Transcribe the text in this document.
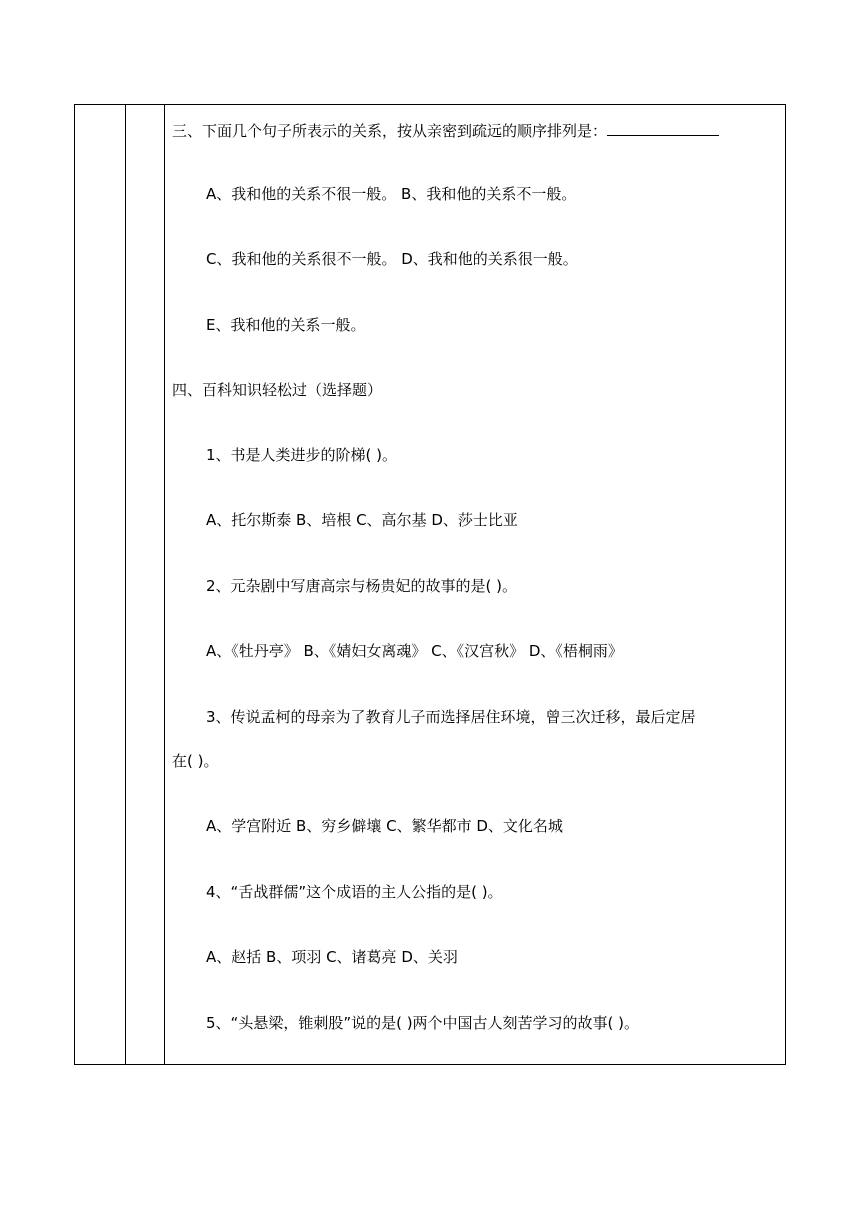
三、下面几个句子所表示的关系，按从亲密到疏远的顺序排列是：
A、我和他的关系不很一般。 B、我和他的关系不一般。
C、我和他的关系很不一般。 D、我和他的关系很一般。
E、我和他的关系一般。
四、百科知识轻松过（选择题）
1、书是人类进步的阶梯( )。
A、托尔斯泰 B、培根 C、高尔基 D、莎士比亚
2、元杂剧中写唐高宗与杨贵妃的故事的是( )。
A、《牡丹亭》 B、《婧妇女离魂》 C、《汉宫秋》 D、《梧桐雨》
3、传说孟柯的母亲为了教育儿子而选择居住环境，曾三次迁移，最后定居
在( )。
A、学宫附近 B、穷乡僻壤 C、繁华都市 D、文化名城
4、“舌战群儒”这个成语的主人公指的是( )。
A、赵括 B、项羽 C、诸葛亮 D、关羽
5、“头悬梁，锥刺股”说的是( )两个中国古人刻苦学习的故事( )。
